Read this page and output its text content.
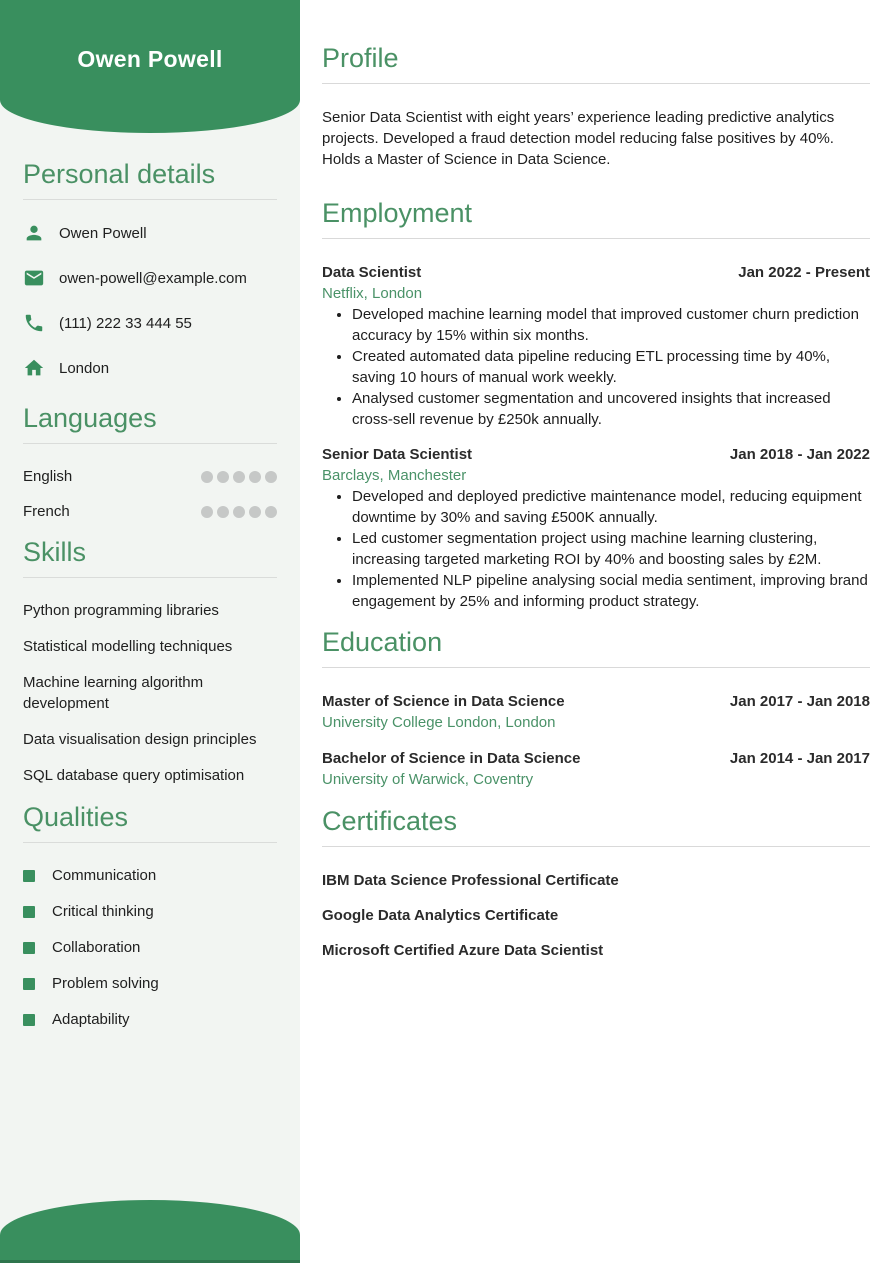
Owen Powell
Personal details
Owen Powell
owen-powell@example.com
(111) 222 33 444 55
London
Languages
English
French
Skills
Python programming libraries
Statistical modelling techniques
Machine learning algorithm development
Data visualisation design principles
SQL database query optimisation
Qualities
Communication
Critical thinking
Collaboration
Problem solving
Adaptability
Profile

Senior Data Scientist with eight years’ experience leading predictive analytics projects. Developed a fraud detection model reducing false positives by 40%. Holds a Master of Science in Data Science.

Employment
Data Scientist	Jan 2022 - Present
Netflix, London
• Developed machine learning model that improved customer churn prediction accuracy by 15% within six months.
• Created automated data pipeline reducing ETL processing time by 40%, saving 10 hours of manual work weekly.
• Analysed customer segmentation and uncovered insights that increased cross-sell revenue by £250k annually.
Senior Data Scientist	Jan 2018 - Jan 2022
Barclays, Manchester
• Developed and deployed predictive maintenance model, reducing equipment downtime by 30% and saving £500K annually.
• Led customer segmentation project using machine learning clustering, increasing targeted marketing ROI by 40% and boosting sales by £2M.
• Implemented NLP pipeline analysing social media sentiment, improving brand engagement by 25% and informing product strategy.
Education
Master of Science in Data Science	Jan 2017 - Jan 2018
University College London, London
Bachelor of Science in Data Science	Jan 2014 - Jan 2017
University of Warwick, Coventry
Certificates
IBM Data Science Professional Certificate
Google Data Analytics Certificate
Microsoft Certified Azure Data Scientist
